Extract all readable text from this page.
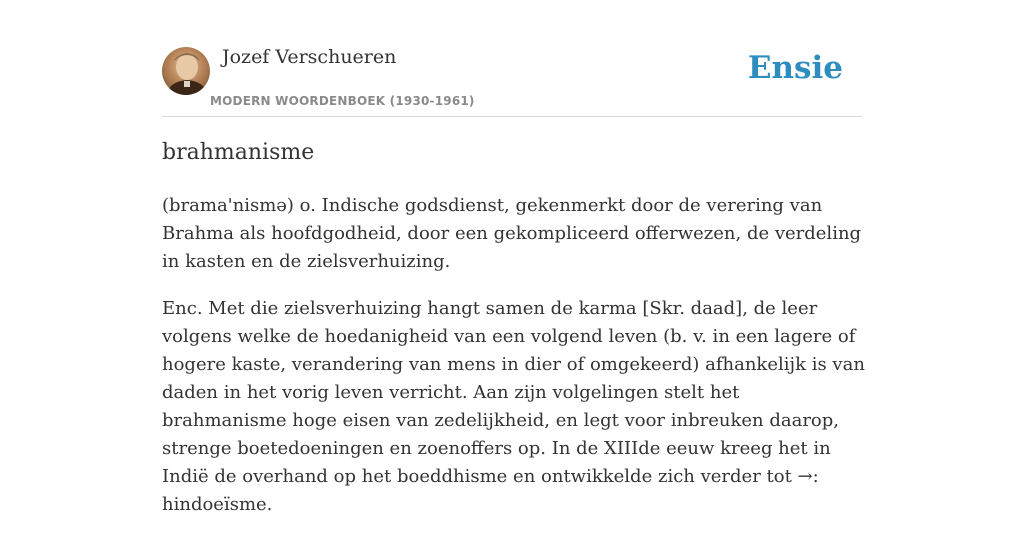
Jozef Verschueren
MODERN WOORDENBOEK (1930-1961)
Ensie
brahmanisme

(brama'nismə) o. Indische godsdienst, gekenmerkt door de verering van Brahma als hoofdgodheid, door een gekompliceerd offerwezen, de verdeling in kasten en de zielsverhuizing.

Enc. Met die zielsverhuizing hangt samen de karma [Skr. daad], de leer volgens welke de hoedanigheid van een volgend leven (b. v. in een lagere of hogere kaste, verandering van mens in dier of omgekeerd) afhankelijk is van daden in het vorig leven verricht. Aan zijn volgelingen stelt het brahmanisme hoge eisen van zedelijkheid, en legt voor inbreuken daarop, strenge boetedoeningen en zoenoffers op. In de XIIIde eeuw kreeg het in Indië de overhand op het boeddhisme en ontwikkelde zich verder tot →: hindoeïsme.
